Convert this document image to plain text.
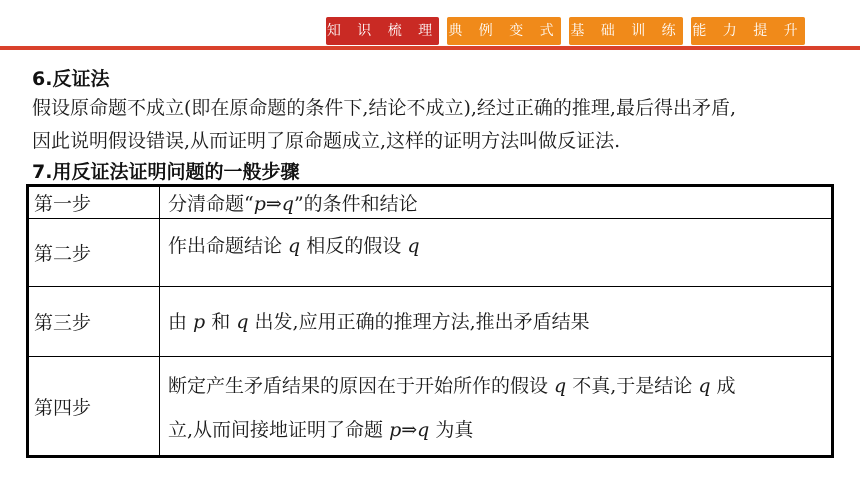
知 识 梳 理 典 例 变 式 基 础 训 练 能 力 提 升
6.反证法
假设原命题不成立(即在原命题的条件下,结论不成立),经过正确的推理,最后得出矛盾,
因此说明假设错误,从而证明了原命题成立,这样的证明方法叫做反证法.
7.用反证法证明问题的一般步骤
第一步	分清命题“p⇒q”的条件和结论
第二步	作出命题结论 q 相反的假设 q
第三步	由 p 和 q 出发,应用正确的推理方法,推出矛盾结果
第四步	断定产生矛盾结果的原因在于开始所作的假设 q 不真,于是结论 q 成
立,从而间接地证明了命题 p⇒q 为真
